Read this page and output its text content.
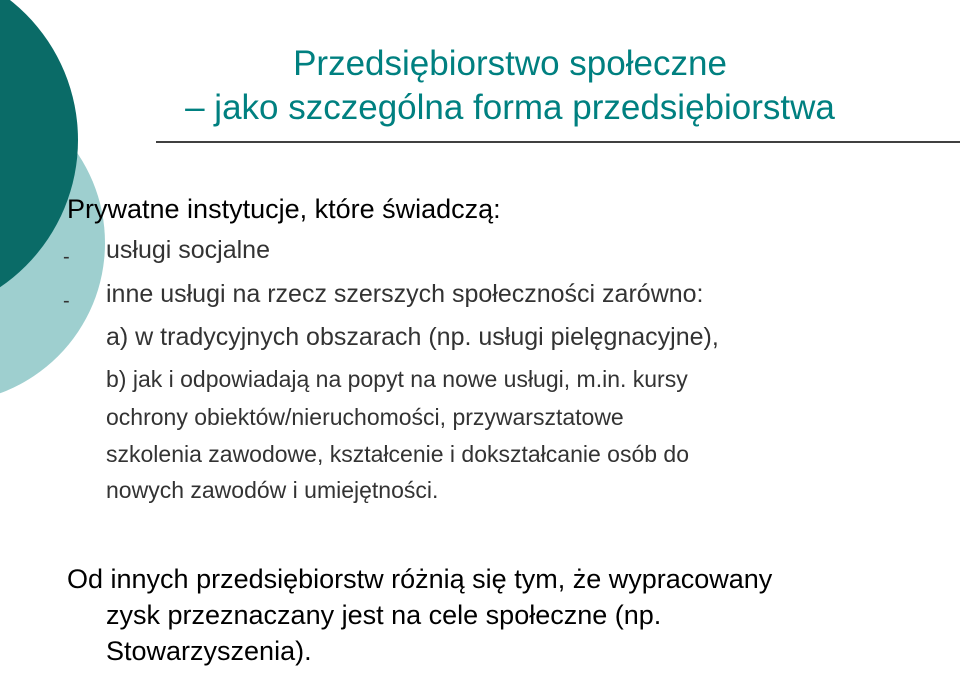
Przedsiębiorstwo społeczne
– jako szczególna forma przedsiębiorstwa
Prywatne instytucje, które świadczą:
- usługi socjalne
- inne usługi na rzecz szerszych społeczności zarówno:
a) w tradycyjnych obszarach (np. usługi pielęgnacyjne),
b) jak i odpowiadają na popyt na nowe usługi, m.in. kursy
ochrony obiektów/nieruchomości, przywarsztatowe
szkolenia zawodowe, kształcenie i dokształcanie osób do
nowych zawodów i umiejętności.
Od innych przedsiębiorstw różnią się tym, że wypracowany
zysk przeznaczany jest na cele społeczne (np.
Stowarzyszenia).
